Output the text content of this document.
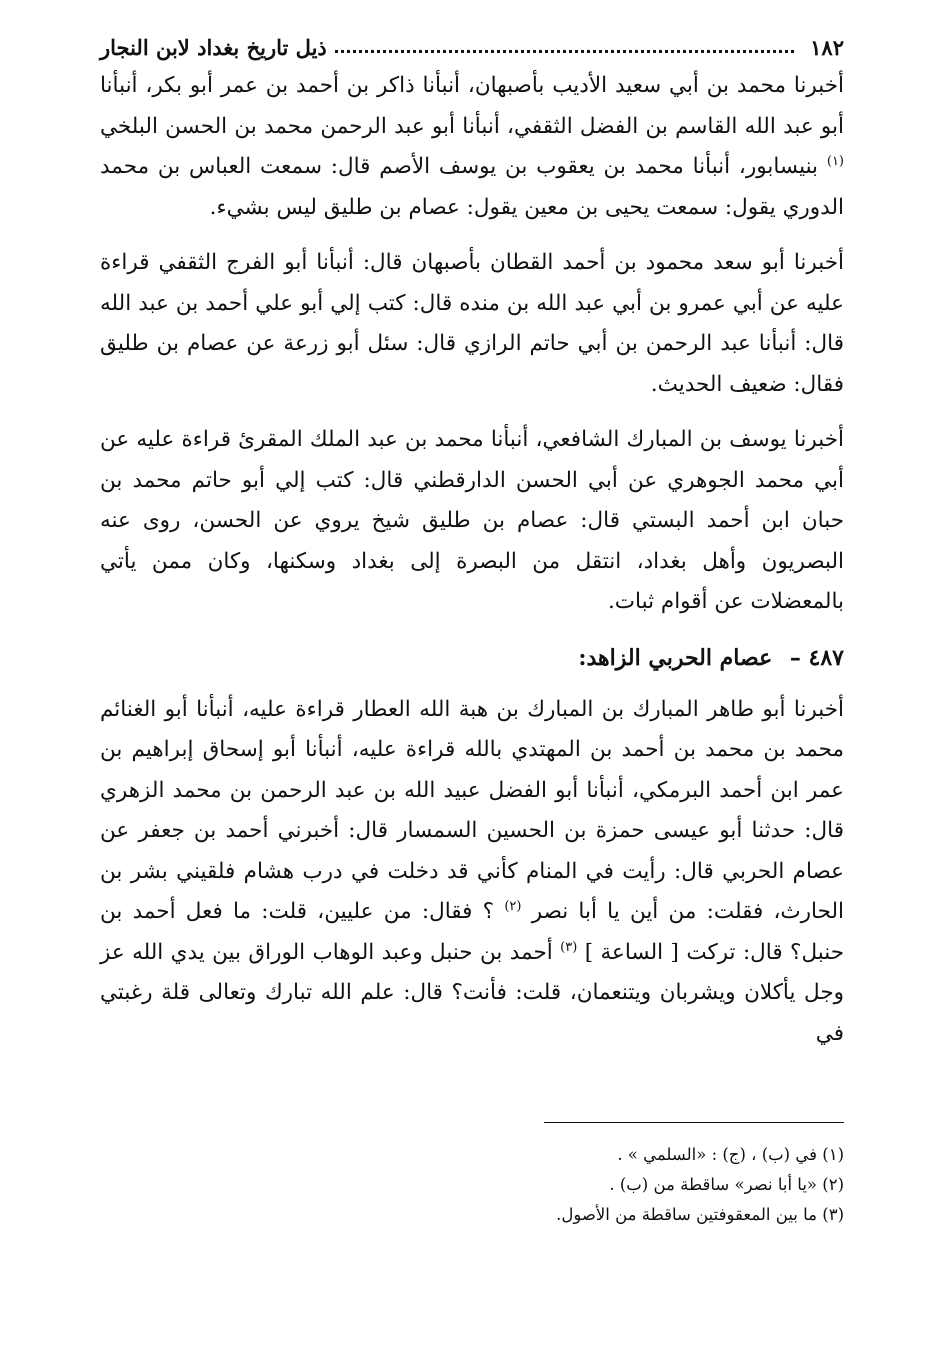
١٨٢
ذيل تاريخ بغداد لابن النجار

أخبرنا محمد بن أبي سعيد الأديب بأصبهان، أنبأنا ذاكر بن أحمد بن عمر أبو بكر، أنبأنا أبو عبد الله القاسم بن الفضل الثقفي، أنبأنا أبو عبد الرحمن محمد بن الحسن البلخي $^{(١)}$ بنيسابور، أنبأنا محمد بن يعقوب بن يوسف الأصم قال: سمعت العباس بن محمد الدوري يقول: سمعت يحيى بن معين يقول: عصام بن طليق ليس بشيء.

أخبرنا أبو سعد محمود بن أحمد القطان بأصبهان قال: أنبأنا أبو الفرج الثقفي قراءة عليه عن أبي عمرو بن أبي عبد الله بن منده قال: كتب إلي أبو علي أحمد بن عبد الله قال: أنبأنا عبد الرحمن بن أبي حاتم الرازي قال: سئل أبو زرعة عن عصام بن طليق فقال: ضعيف الحديث.

أخبرنا يوسف بن المبارك الشافعي، أنبأنا محمد بن عبد الملك المقرئ قراءة عليه عن أبي محمد الجوهري عن أبي الحسن الدارقطني قال: كتب إلي أبو حاتم محمد بن حبان ابن أحمد البستي قال: عصام بن طليق شيخ يروي عن الحسن، روى عنه البصريون وأهل بغداد، انتقل من البصرة إلى بغداد وسكنها، وكان ممن يأتي بالمعضلات عن أقوام ثبات.

٤٨٧ – عصام الحربي الزاهد:

أخبرنا أبو طاهر المبارك بن المبارك بن هبة الله العطار قراءة عليه، أنبأنا أبو الغنائم محمد بن محمد بن أحمد بن المهتدي بالله قراءة عليه، أنبأنا أبو إسحاق إبراهيم بن عمر ابن أحمد البرمكي، أنبأنا أبو الفضل عبيد الله بن عبد الرحمن بن محمد الزهري قال: حدثنا أبو عيسى حمزة بن الحسين السمسار قال: أخبرني أحمد بن جعفر عن عصام الحربي قال: رأيت في المنام كأني قد دخلت في درب هشام فلقيني بشر بن الحارث، فقلت: من أين يا أبا نصر $^{(٢)}$ ؟ فقال: من عليين، قلت: ما فعل أحمد بن حنبل؟ قال: تركت [ الساعة ] $^{(٣)}$ أحمد بن حنبل وعبد الوهاب الوراق بين يدي الله عز وجل يأكلان ويشربان ويتنعمان، قلت: فأنت؟ قال: علم الله تبارك وتعالى قلة رغبتي في

(١) في (ب) ، (ج) : «السلمي » .

(٢) «يا أبا نصر» ساقطة من (ب) .

(٣) ما بين المعقوفتين ساقطة من الأصول.
